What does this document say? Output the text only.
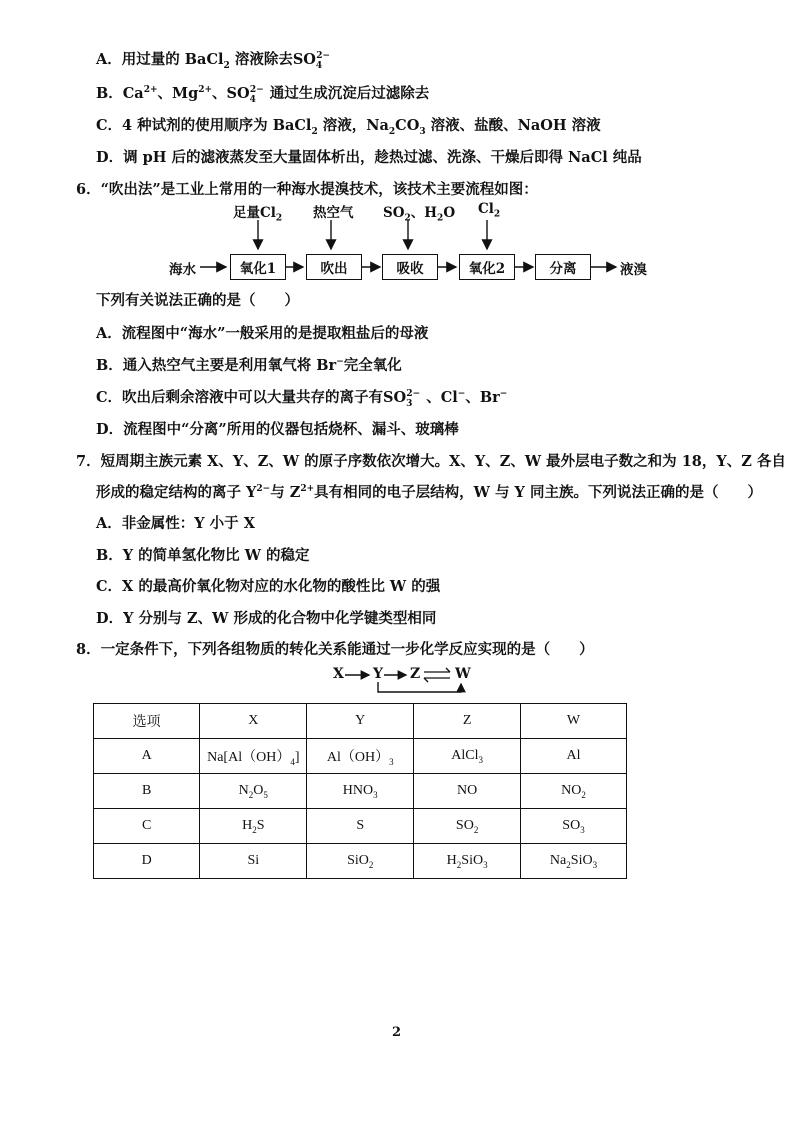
A．用过量的 BaCl$_2$ 溶液除去$SO_4^{2-}$
B．$Ca^{2+}$、$Mg^{2+}$、$SO_4^{2-}$ 通过生成沉淀后过滤除去
C．4 种试剂的使用顺序为 BaCl$_2$ 溶液，$Na_2CO_3$ 溶液、盐酸、NaOH 溶液
D．调 pH 后的滤液蒸发至大量固体析出，趁热过滤、洗涤、干燥后即得 NaCl 纯品
6．“吹出法”是工业上常用的一种海水提溴技术，该技术主要流程如图：
足量$Cl_2$ 热空气 $SO_2$、$H_2O$ $Cl_2$
海水	氧化1	吹出	吸收	氧化2	分离	液溴
下列有关说法正确的是（　　）
A．流程图中“海水”一般采用的是提取粗盐后的母液
B．通入热空气主要是利用氧气将 Br−完全氧化
C．吹出后剩余溶液中可以大量共存的离子有$SO_3^{2-}$ 、Cl−、Br−
D．流程图中“分离”所用的仪器包括烧杯、漏斗、玻璃棒
7．短周期主族元素 X、Y、Z、W 的原子序数依次增大。X、Y、Z、W 最外层电子数之和为 18，Y、Z 各自
形成的稳定结构的离子 $Y^{2-}$与 $Z^{2+}$具有相同的电子层结构，W 与 Y 同主族。下列说法正确的是（　　）
A．非金属性：Y 小于 X
B．Y 的简单氢化物比 W 的稳定
C．X 的最高价氧化物对应的水化物的酸性比 W 的强
D．Y 分别与 Z、W 形成的化合物中化学键类型相同
8．一定条件下，下列各组物质的转化关系能通过一步化学反应实现的是（　　）
X Y Z W
选项	X	Y	Z	W
A	$Na[Al(OH)_4]$	$Al(OH)_3$	AlCl$_3$	Al
B	$N_2O_5$	$HNO_3$	NO	$NO_2$
C	$H_2S$	S	$SO_2$	$SO_3$
D	Si	SiO$_2$	$H_2SiO_3$	$Na_2SiO_3$
2
